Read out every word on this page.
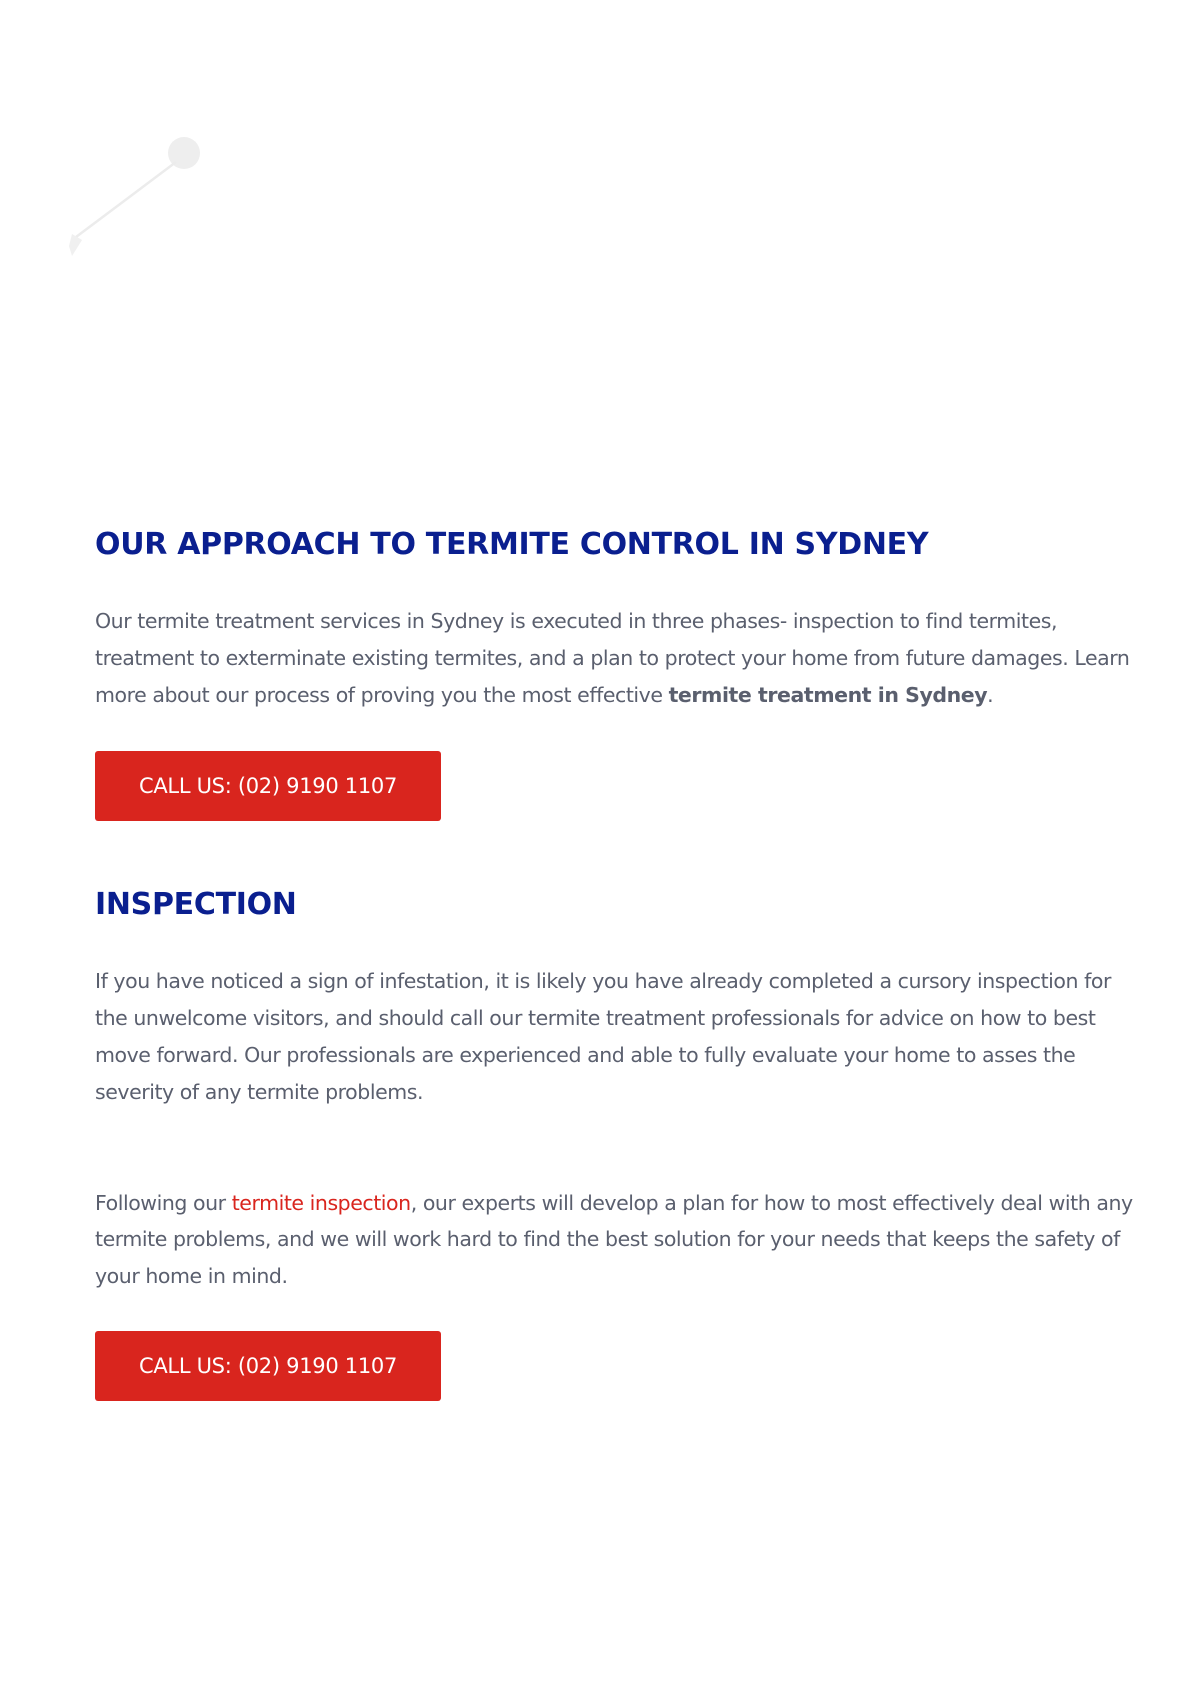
OUR APPROACH TO TERMITE CONTROL IN SYDNEY

Our termite treatment services in Sydney is executed in three phases- inspection to find termites, treatment to exterminate existing termites, and a plan to protect your home from future damages. Learn more about our process of proving you the most effective termite treatment in Sydney.

CALL US: (02) 9190 1107
INSPECTION

If you have noticed a sign of infestation, it is likely you have already completed a cursory inspection for the unwelcome visitors, and should call our termite treatment professionals for advice on how to best move forward. Our professionals are experienced and able to fully evaluate your home to asses the severity of any termite problems.

Following our termite inspection, our experts will develop a plan for how to most effectively deal with any termite problems, and we will work hard to find the best solution for your needs that keeps the safety of your home in mind.

CALL US: (02) 9190 1107
